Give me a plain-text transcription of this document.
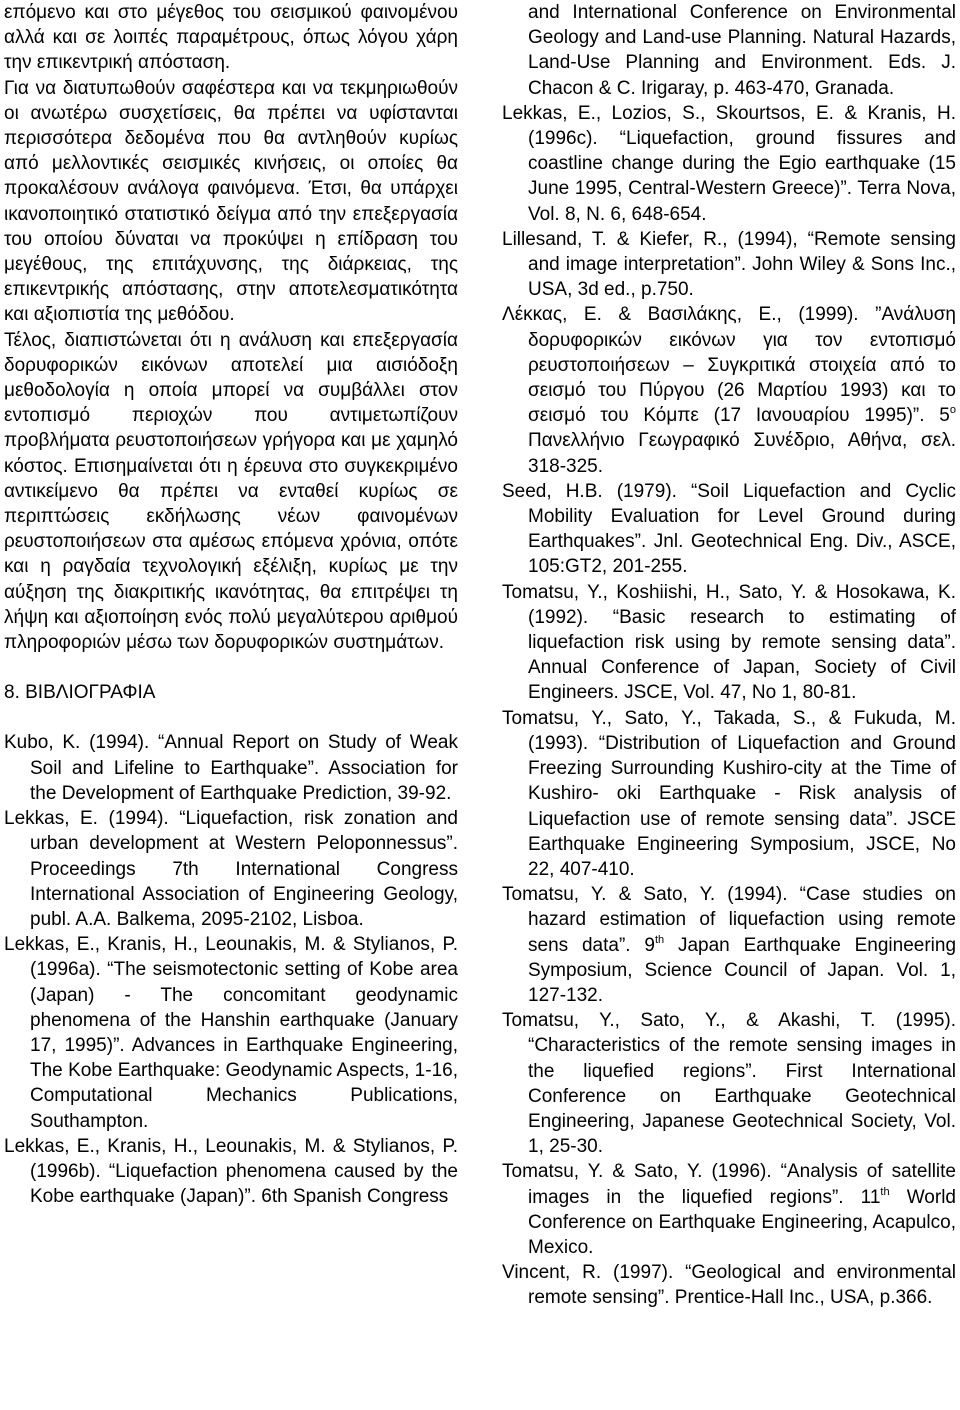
επόμενο και στο μέγεθος του σεισμικού φαινομένου αλλά και σε λοιπές παραμέτρους, όπως λόγου χάρη την επικεντρική απόσταση.

Για να διατυπωθούν σαφέστερα και να τεκμηριωθούν οι ανωτέρω συσχετίσεις, θα πρέπει να υφίστανται περισσότερα δεδομένα που θα αντληθούν κυρίως από μελλοντικές σεισμικές κινήσεις, οι οποίες θα προκαλέσουν ανάλογα φαινόμενα. Έτσι, θα υπάρχει ικανοποιητικό στατιστικό δείγμα από την επεξεργασία του οποίου δύναται να προκύψει η επίδραση του μεγέθους, της επιτάχυνσης, της διάρκειας, της επικεντρικής απόστασης, στην αποτελεσματικότητα και αξιοπιστία της μεθόδου.

Τέλος, διαπιστώνεται ότι η ανάλυση και επεξεργασία δορυφορικών εικόνων αποτελεί μια αισιόδοξη μεθοδολογία η οποία μπορεί να συμβάλλει στον εντοπισμό περιοχών που αντιμετωπίζουν προβλήματα ρευστοποιήσεων γρήγορα και με χαμηλό κόστος. Επισημαίνεται ότι η έρευνα στο συγκεκριμένο αντικείμενο θα πρέπει να ενταθεί κυρίως σε περιπτώσεις εκδήλωσης νέων φαινομένων ρευστοποιήσεων στα αμέσως επόμενα χρόνια, οπότε και η ραγδαία τεχνολογική εξέλιξη, κυρίως με την αύξηση της διακριτικής ικανότητας, θα επιτρέψει τη λήψη και αξιοποίηση ενός πολύ μεγαλύτερου αριθμού πληροφοριών μέσω των δορυφορικών συστημάτων.

8. ΒΙΒΛΙΟΓΡΑΦΙΑ

Kubo, K. (1994). “Annual Report on Study of Weak Soil and Lifeline to Earthquake”. Association for the Development of Earthquake Prediction, 39-92.

Lekkas, E. (1994). “Liquefaction, risk zonation and urban development at Western Peloponnessus”. Proceedings 7th International Congress International Association of Engineering Geology, publ. A.A. Balkema, 2095-2102, Lisboa.

Lekkas, E., Kranis, H., Leounakis, M. & Stylianos, P. (1996a). “The seismotectonic setting of Kobe area (Japan) - The concomitant geodynamic phenomena of the Hanshin earthquake (January 17, 1995)”. Advances in Earthquake Engineering, The Kobe Earthquake: Geodynamic Aspects, 1-16, Computational Mechanics Publications, Southampton.

Lekkas, E., Kranis, H., Leounakis, M. & Stylianos, P. (1996b). “Liquefaction phenomena caused by the Kobe earthquake (Japan)”. 6th Spanish Congress

and International Conference on Environmental Geology and Land-use Planning. Natural Hazards, Land-Use Planning and Environment. Eds. J. Chacon & C. Irigaray, p. 463-470, Granada.

Lekkas, E., Lozios, S., Skourtsos, E. & Kranis, H. (1996c). “Liquefaction, ground fissures and coastline change during the Egio earthquake (15 June 1995, Central-Western Greece)”. Terra Nova, Vol. 8, N. 6, 648-654.

Lillesand, T. & Kiefer, R., (1994), “Remote sensing and image interpretation”. John Wiley & Sons Inc., USA, 3d ed., p.750.

Λέκκας, Ε. & Βασιλάκης, Ε., (1999). ”Ανάλυση δορυφορικών εικόνων για τον εντοπισμό ρευστοποιήσεων – Συγκριτικά στοιχεία από το σεισμό του Πύργου (26 Μαρτίου 1993) και το σεισμό του Κόμπε (17 Ιανουαρίου 1995)”. $5^o$ Πανελλήνιο Γεωγραφικό Συνέδριο, Αθήνα, σελ. 318-325.

Seed, H.B. (1979). “Soil Liquefaction and Cyclic Mobility Evaluation for Level Ground during Earthquakes”. Jnl. Geotechnical Eng. Div., ASCE, 105:GT2, 201-255.

Tomatsu, Y., Koshiishi, H., Sato, Y. & Hosokawa, K. (1992). “Basic research to estimating of liquefaction risk using by remote sensing data”. Annual Conference of Japan, Society of Civil Engineers. JSCE, Vol. 47, No 1, 80-81.

Tomatsu, Y., Sato, Y., Takada, S., & Fukuda, M. (1993). “Distribution of Liquefaction and Ground Freezing Surrounding Kushiro-city at the Time of Kushiro- oki Earthquake - Risk analysis of Liquefaction use of remote sensing data”. JSCE Earthquake Engineering Symposium, JSCE, No 22, 407-410.

Tomatsu, Y. & Sato, Y. (1994). “Case studies on hazard estimation of liquefaction using remote sens data”. 9th Japan Earthquake Engineering Symposium, Science Council of Japan. Vol. 1, 127-132.

Tomatsu, Y., Sato, Y., & Akashi, T. (1995). “Characteristics of the remote sensing images in the liquefied regions”. First International Conference on Earthquake Geotechnical Engineering, Japanese Geotechnical Society, Vol. 1, 25-30.

Tomatsu, Y. & Sato, Y. (1996). “Analysis of satellite images in the liquefied regions”. 11th World Conference on Earthquake Engineering, Acapulco, Mexico.

Vincent, R. (1997). “Geological and environmental remote sensing”. Prentice-Hall Inc., USA, p.366.
